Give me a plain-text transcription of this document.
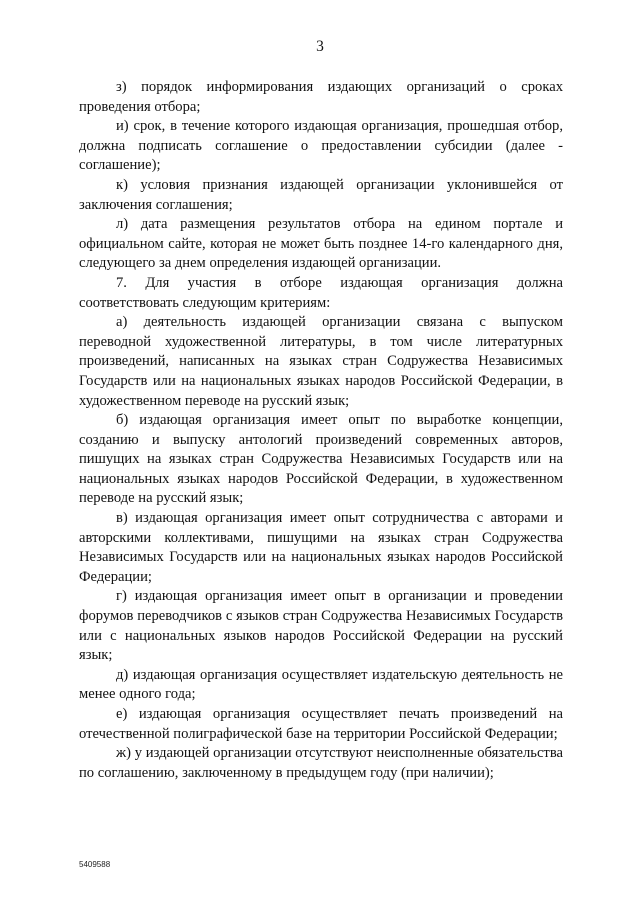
3

з) порядок информирования издающих организаций о сроках проведения отбора;

и) срок, в течение которого издающая организация, прошедшая отбор, должна подписать соглашение о предоставлении субсидии (далее - соглашение);

к) условия признания издающей организации уклонившейся от заключения соглашения;

л) дата размещения результатов отбора на едином портале и официальном сайте, которая не может быть позднее 14-го календарного дня, следующего за днем определения издающей организации.

7. Для участия в отборе издающая организация должна соответствовать следующим критериям:

а) деятельность издающей организации связана с выпуском переводной художественной литературы, в том числе литературных произведений, написанных на языках стран Содружества Независимых Государств или на национальных языках народов Российской Федерации, в художественном переводе на русский язык;

б) издающая организация имеет опыт по выработке концепции, созданию и выпуску антологий произведений современных авторов, пишущих на языках стран Содружества Независимых Государств или на национальных языках народов Российской Федерации, в художественном переводе на русский язык;

в) издающая организация имеет опыт сотрудничества с авторами и авторскими коллективами, пишущими на языках стран Содружества Независимых Государств или на национальных языках народов Российской Федерации;

г) издающая организация имеет опыт в организации и проведении форумов переводчиков с языков стран Содружества Независимых Государств или с национальных языков народов Российской Федерации на русский язык;

д) издающая организация осуществляет издательскую деятельность не менее одного года;

е) издающая организация осуществляет печать произведений на отечественной полиграфической базе на территории Российской Федерации;

ж) у издающей организации отсутствуют неисполненные обязательства по соглашению, заключенному в предыдущем году (при наличии);

5409588
